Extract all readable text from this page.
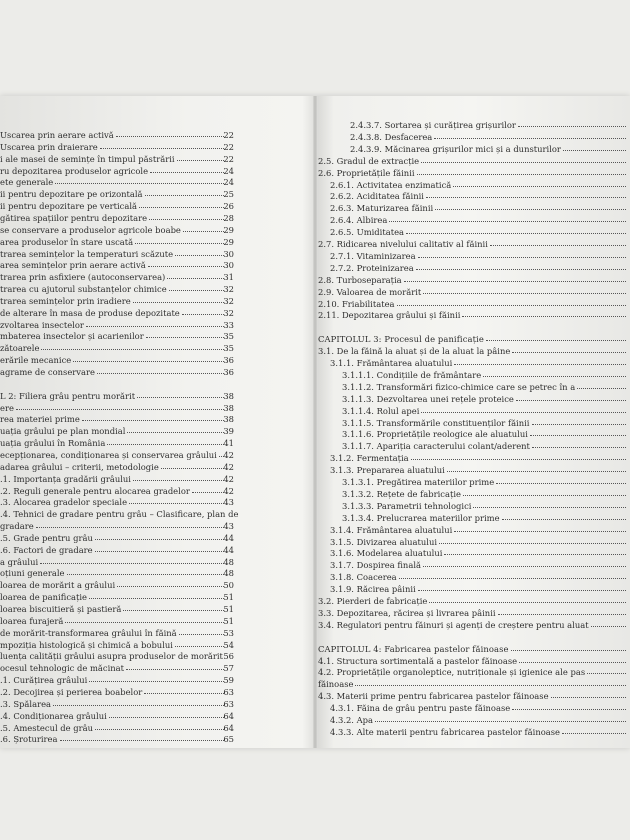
Uscarea prin aerare activă	22
Uscarea prin draierare	22
i ale masei de semințe în timpul păstrării	22
ru depozitarea produselor agricole	24
ete generale	24
ii pentru depozitare pe orizontală	25
ii pentru depozitare pe verticală	26
gătirea spațiilor pentru depozitare	28
se conservare a produselor agricole boabe	29
area produselor în stare uscată	29
trarea semințelor la temperaturi scăzute	30
area semințelor prin aerare activă	30
trarea prin asfixiere (autoconservarea)	31
trarea cu ajutorul substanțelor chimice	32
trarea semințelor prin iradiere	32
de alterare în masa de produse depozitate	32
zvoltarea insectelor	33
mbaterea insectelor și acarienilor	35
zătoarele	35
erările mecanice	36
agrame de conservare	36
L 2: Filiera grâu pentru morărit	38
ere	38
rea materiei prime	38
uația grâului pe plan mondial	39
uația grâului în România	41
ecepționarea, condiționarea și conservarea grâului 42
adarea grâului – criterii, metodologie	42
.1. Importanța gradării grâului	42
.2. Reguli generale pentru alocarea gradelor	42
.3. Alocarea gradelor speciale	43
.4. Tehnici de gradare pentru grâu – Clasificare, plan de
gradare	43
.5. Grade pentru grâu	44
.6. Factori de gradare	44
a grâului	48
oțiuni generale	48
loarea de morărit a grâului	50
loarea de panificație	51
loarea biscuitieră și pastieră	51
loarea furajeră	51
de morărit-transformarea grâului în făină	53
mpoziția histologică și chimică a bobului	54
luența calității grâului asupra produselor de morărit 56
ocesul tehnologic de măcinat	57
.1. Curățirea grâului	59
.2. Decojirea și perierea boabelor	63
.3. Spălarea	63
.4. Condiționarea grâului	64
.5. Amestecul de grâu	64
.6. Șroturirea	65
2.4.3.7. Sortarea și curățirea grișurilor
2.4.3.8. Desfacerea
2.4.3.9. Măcinarea grișurilor mici și a dunsturilor
2.5. Gradul de extracție
2.6. Proprietățile făinii
2.6.1. Activitatea enzimatică
2.6.2. Aciditatea făinii
2.6.3. Maturizarea făinii
2.6.4. Albirea
2.6.5. Umiditatea
2.7. Ridicarea nivelului calitativ al făinii
2.7.1. Vitaminizarea
2.7.2. Proteinizarea
2.8. Turboseparația
2.9. Valoarea de morărit
2.10. Friabilitatea
2.11. Depozitarea grâului și făinii
CAPITOLUL 3: Procesul de panificație
3.1. De la făină la aluat și de la aluat la pâine
3.1.1. Frământarea aluatului
3.1.1.1. Condițiile de frământare
3.1.1.2. Transformări fizico-chimice care se petrec în a
3.1.1.3. Dezvoltarea unei rețele proteice
3.1.1.4. Rolul apei
3.1.1.5. Transformările constituenților făinii
3.1.1.6. Proprietățile reologice ale aluatului
3.1.1.7. Apariția caracterului colant/aderent
3.1.2. Fermentația
3.1.3. Prepararea aluatului
3.1.3.1. Pregătirea materiilor prime
3.1.3.2. Rețete de fabricație
3.1.3.3. Parametrii tehnologici
3.1.3.4. Prelucrarea materiilor prime
3.1.4. Frământarea aluatului
3.1.5. Divizarea aluatului
3.1.6. Modelarea aluatului
3.1.7. Dospirea finală
3.1.8. Coacerea
3.1.9. Răcirea pâinii
3.2. Pierderi de fabricație
3.3. Depozitarea, răcirea și livrarea pâinii
3.4. Regulatori pentru făinuri și agenți de creștere pentru aluat
CAPITOLUL 4: Fabricarea pastelor făinoase
4.1. Structura sortimentală a pastelor făinoase
4.2. Proprietățile organoleptice, nutriționale și igienice ale pas
făinoase
4.3. Materii prime pentru fabricarea pastelor făinoase
4.3.1. Făina de grâu pentru paste făinoase
4.3.2. Apa
4.3.3. Alte materii pentru fabricarea pastelor făinoase
